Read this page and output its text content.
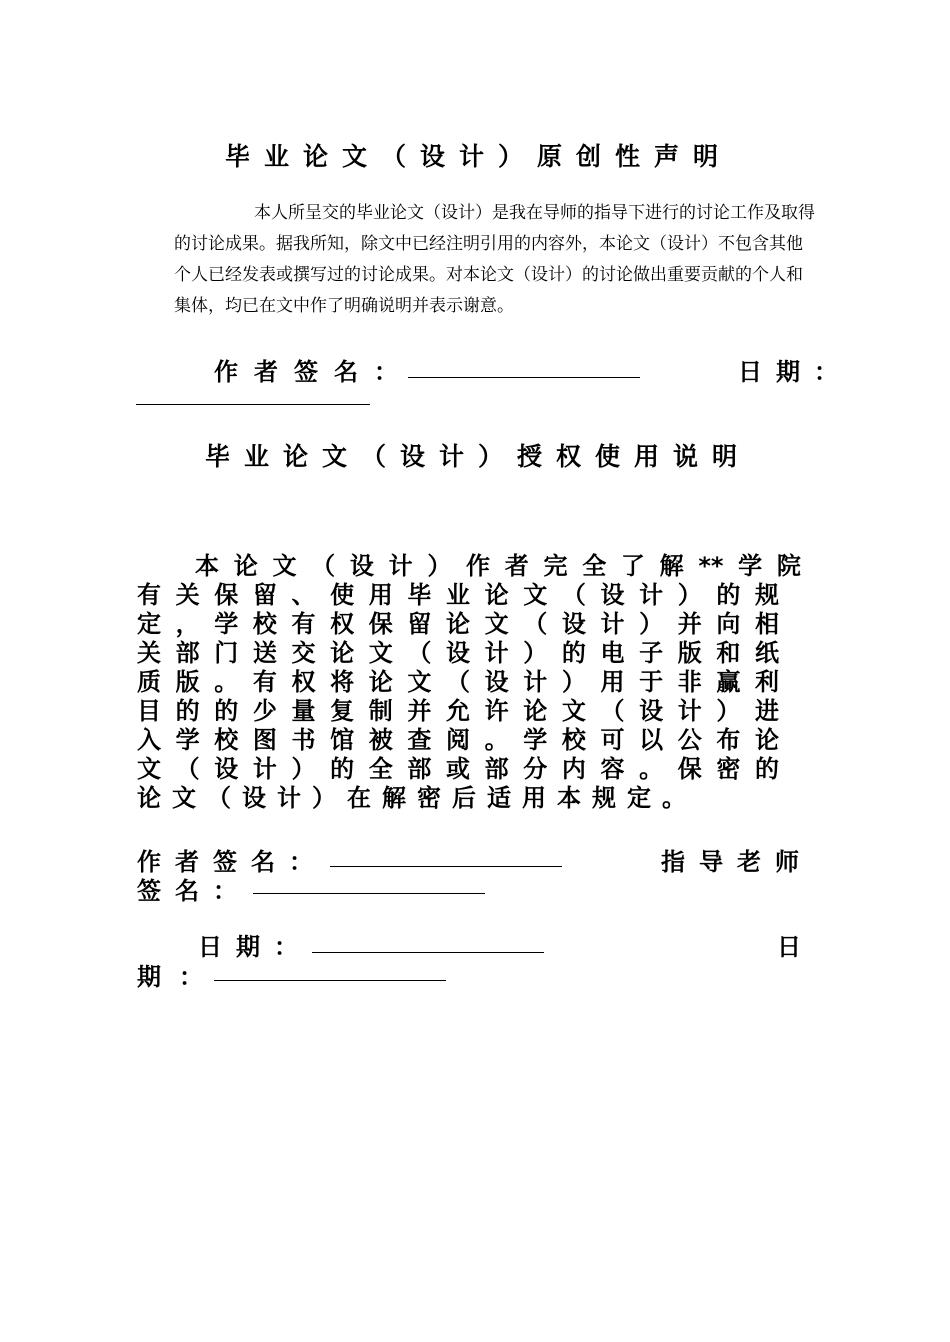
毕业论文（设计）原创性声明

本人所呈交的毕业论文（设计）是我在导师的指导下进行的讨论工作及取得的讨论成果。据我所知，除文中已经注明引用的内容外，本论文（设计）不包含其他个人已经发表或撰写过的讨论成果。对本论文（设计）的讨论做出重要贡献的个人和集体，均已在文中作了明确说明并表示谢意。

作者签名：	日期：
毕业论文（设计）授权使用说明
本 论 文 （ 设 计 ） 作 者 完 全 了 解 ** 学 院
有 关 保 留 、 使 用 毕 业 论 文 （ 设 计 ） 的 规
定 ， 学 校 有 权 保 留 论 文 （ 设 计 ） 并 向 相
关 部 门 送 交 论 文 （ 设 计 ） 的 电 子 版 和 纸
质 版 。 有 权 将 论 文 （ 设 计 ） 用 于 非 赢 利
目 的 的 少 量 复 制 并 允 许 论 文 （ 设 计 ） 进
入 学 校 图 书 馆 被 查 阅 。 学 校 可 以 公 布 论
文 （ 设 计 ） 的 全 部 或 部 分 内 容 。 保 密 的
论 文 （ 设 计 ） 在 解 密 后 适 用 本 规 定 。
作者签名：	指导老师
签名：
日期：	日
期：
